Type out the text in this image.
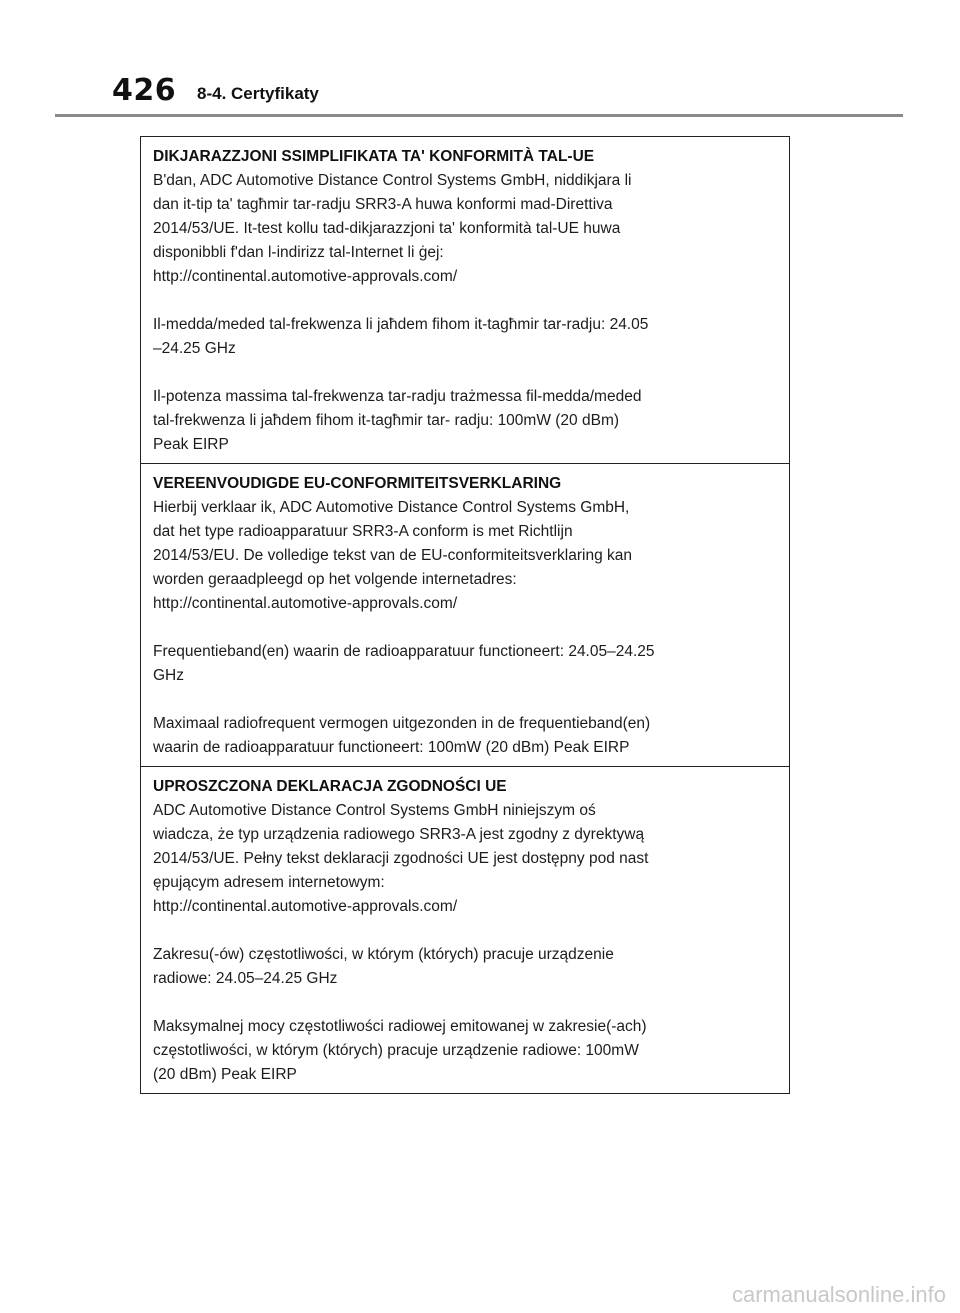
426 8-4. Certyfikaty

DIKJARAZZJONI SSIMPLIFIKATA TA' KONFORMITÀ TAL-UE

B'dan, ADC Automotive Distance Control Systems GmbH, niddikjara li

dan it-tip ta' tagħmir tar-radju SRR3-A huwa konformi mad-Direttiva

2014/53/UE. It-test kollu tad-dikjarazzjoni ta' konformità tal-UE huwa

disponibbli f'dan l-indirizz tal-Internet li ġej:

http://continental.automotive-approvals.com/

Il-medda/meded tal-frekwenza li jaħdem fihom it-tagħmir tar-radju: 24.05

–24.25 GHz

Il-potenza massima tal-frekwenza tar-radju trażmessa fil-medda/meded

tal-frekwenza li jaħdem fihom it-tagħmir tar- radju: 100mW (20 dBm)

Peak EIRP

VEREENVOUDIGDE EU-CONFORMITEITSVERKLARING

Hierbij verklaar ik, ADC Automotive Distance Control Systems GmbH,

dat het type radioapparatuur SRR3-A conform is met Richtlijn

2014/53/EU. De volledige tekst van de EU-conformiteitsverklaring kan

worden geraadpleegd op het volgende internetadres:

http://continental.automotive-approvals.com/

Frequentieband(en) waarin de radioapparatuur functioneert: 24.05–24.25

GHz

Maximaal radiofrequent vermogen uitgezonden in de frequentieband(en)

waarin de radioapparatuur functioneert: 100mW (20 dBm) Peak EIRP

UPROSZCZONA DEKLARACJA ZGODNOŚCI UE

ADC Automotive Distance Control Systems GmbH niniejszym oś

wiadcza, że typ urządzenia radiowego SRR3-A jest zgodny z dyrektywą

2014/53/UE. Pełny tekst deklaracji zgodności UE jest dostępny pod nast

ępującym adresem internetowym:

http://continental.automotive-approvals.com/

Zakresu(-ów) częstotliwości, w którym (których) pracuje urządzenie

radiowe: 24.05–24.25 GHz

Maksymalnej mocy częstotliwości radiowej emitowanej w zakresie(-ach)

częstotliwości, w którym (których) pracuje urządzenie radiowe: 100mW

(20 dBm) Peak EIRP

carmanualsonline.info
